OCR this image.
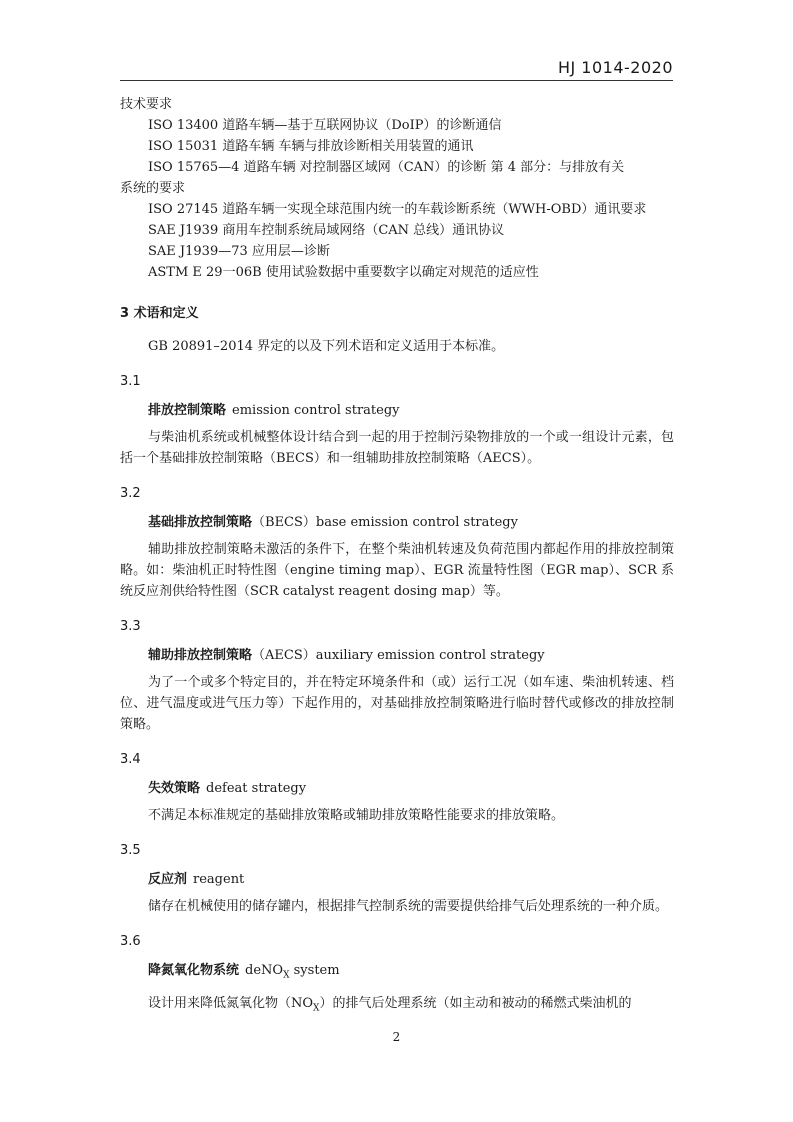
HJ 1014-2020

技术要求

ISO 13400 道路车辆—基于互联网协议（DoIP）的诊断通信

ISO 15031 道路车辆 车辆与排放诊断相关用装置的通讯

ISO 15765—4 道路车辆 对控制器区域网（CAN）的诊断 第 4 部分：与排放有关

系统的要求

ISO 27145 道路车辆一实现全球范围内统一的车载诊断系统（WWH-OBD）通讯要求

SAE J1939 商用车控制系统局域网络（CAN 总线）通讯协议

SAE J1939—73 应用层—诊断

ASTM E 29一06B 使用试验数据中重要数字以确定对规范的适应性

3 术语和定义

GB 20891–2014 界定的以及下列术语和定义适用于本标准。

3.1
排放控制策略 emission control strategy

与柴油机系统或机械整体设计结合到一起的用于控制污染物排放的一个或一组设计元素，包括一个基础排放控制策略（BECS）和一组辅助排放控制策略（AECS）。

3.2
基础排放控制策略（BECS）base emission control strategy

辅助排放控制策略未激活的条件下，在整个柴油机转速及负荷范围内都起作用的排放控制策略。如：柴油机正时特性图（engine timing map）、EGR 流量特性图（EGR map）、SCR 系统反应剂供给特性图（SCR catalyst reagent dosing map）等。

3.3
辅助排放控制策略（AECS）auxiliary emission control strategy

为了一个或多个特定目的，并在特定环境条件和（或）运行工况（如车速、柴油机转速、档位、进气温度或进气压力等）下起作用的，对基础排放控制策略进行临时替代或修改的排放控制策略。

3.4
失效策略 defeat strategy

不满足本标准规定的基础排放策略或辅助排放策略性能要求的排放策略。

3.5
反应剂 reagent

储存在机械使用的储存罐内，根据排气控制系统的需要提供给排气后处理系统的一种介质。

3.6
降氮氧化物系统 deNO$_X$ system

设计用来降低氮氧化物$(NO_X)$的排气后处理系统（如主动和被动的稀燃式柴油机的

2
